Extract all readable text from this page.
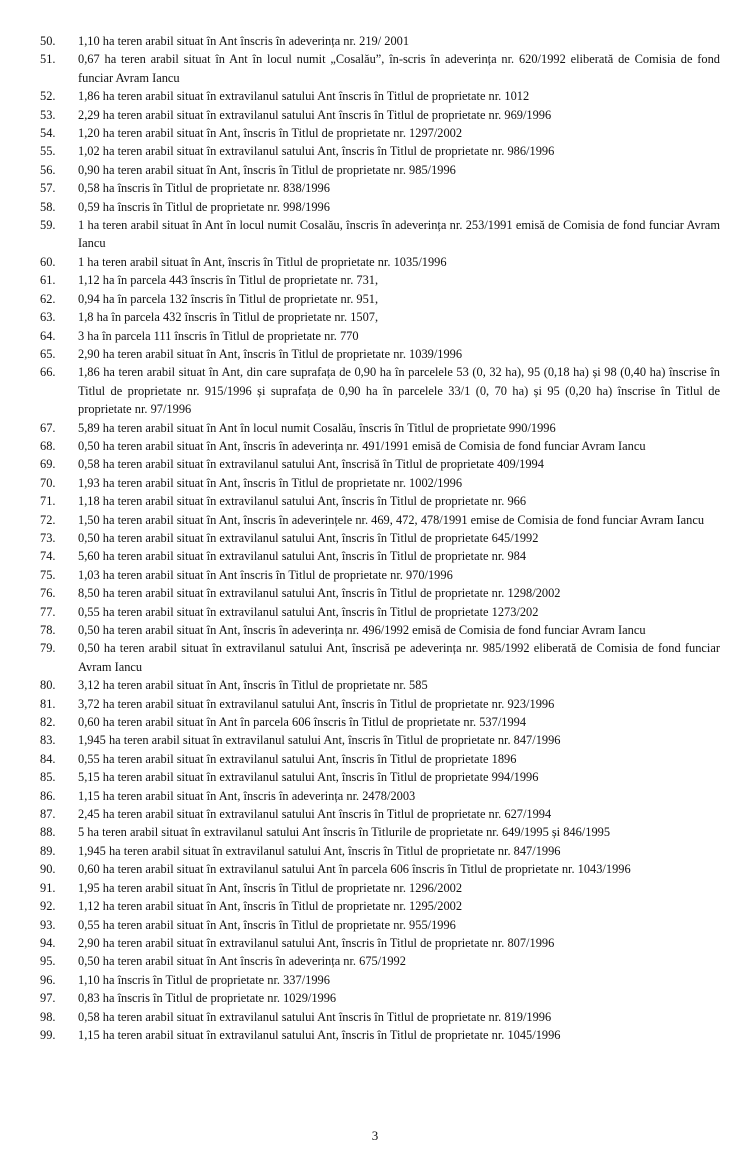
50.	1,10 ha teren arabil situat în Ant înscris în adeverința nr. 219/ 2001
51.	0,67 ha teren arabil situat în Ant în locul numit „Cosalău”, în-scris în adeverința nr. 620/1992 eliberată de Comisia de fond funciar Avram Iancu
52.	1,86 ha teren arabil situat în extravilanul satului Ant înscris în Titlul de proprietate nr. 1012
53.	2,29 ha teren arabil situat în extravilanul satului Ant înscris în Titlul de proprietate nr. 969/1996
54.	1,20 ha teren arabil situat în Ant, înscris în Titlul de proprietate nr. 1297/2002
55.	1,02 ha teren arabil situat în extravilanul satului Ant, înscris în Titlul de proprietate nr. 986/1996
56.	0,90 ha teren arabil situat în Ant, înscris în Titlul de proprietate nr. 985/1996
57.	0,58 ha înscris în Titlul de proprietate nr. 838/1996
58.	0,59 ha înscris în Titlul de proprietate nr. 998/1996
59.	1 ha teren arabil situat în Ant în locul numit Cosalău, înscris în adeverința nr. 253/1991 emisă de Comisia de fond funciar Avram Iancu
60.	1 ha teren arabil situat în Ant, înscris în Titlul de proprietate nr. 1035/1996
61.	1,12 ha în parcela 443 înscris în Titlul de proprietate nr. 731,
62.	0,94 ha în parcela 132 înscris în Titlul de proprietate nr. 951,
63.	1,8 ha în parcela 432 înscris în Titlul de proprietate nr. 1507,
64.	3 ha în parcela 111 înscris în Titlul de proprietate nr. 770
65.	2,90 ha teren arabil situat în Ant, înscris în Titlul de proprietate nr. 1039/1996
66.	1,86 ha teren arabil situat în Ant, din care suprafața de 0,90 ha în parcelele 53 (0, 32 ha), 95 (0,18 ha) și 98 (0,40 ha) înscrise în Titlul de proprietate nr. 915/1996 și suprafața de 0,90 ha în parcelele 33/1 (0, 70 ha) și 95 (0,20 ha) înscrise în Titlul de proprietate nr. 97/1996
67.	5,89 ha teren arabil situat în Ant în locul numit Cosalău, înscris în Titlul de proprietate 990/1996
68.	0,50 ha teren arabil situat în Ant, înscris în adeverința nr. 491/1991 emisă de Comisia de fond funciar Avram Iancu
69.	0,58 ha teren arabil situat în extravilanul satului Ant, înscrisă în Titlul de proprietate 409/1994
70.	1,93 ha teren arabil situat în Ant, înscris în Titlul de proprietate nr. 1002/1996
71.	1,18 ha teren arabil situat în extravilanul satului Ant, înscris în Titlul de proprietate nr. 966
72.	1,50 ha teren arabil situat în Ant, înscris în adeverințele nr. 469, 472, 478/1991 emise de Comisia de fond funciar Avram Iancu
73.	0,50 ha teren arabil situat în extravilanul satului Ant, înscris în Titlul de proprietate 645/1992
74.	5,60 ha teren arabil situat în extravilanul satului Ant, înscris în Titlul de proprietate nr. 984
75.	1,03 ha teren arabil situat în Ant înscris în Titlul de proprietate nr. 970/1996
76.	8,50 ha teren arabil situat în extravilanul satului Ant, înscris în Titlul de proprietate nr. 1298/2002
77.	0,55 ha teren arabil situat în extravilanul satului Ant, înscris în Titlul de proprietate 1273/202
78.	0,50 ha teren arabil situat în Ant, înscris în adeverința nr. 496/1992 emisă de Comisia de fond funciar Avram Iancu
79.	0,50 ha teren arabil situat în extravilanul satului Ant, înscrisă pe adeverința nr. 985/1992 eliberată de Comisia de fond funciar Avram Iancu
80.	3,12 ha teren arabil situat în Ant, înscris în Titlul de proprietate nr. 585
81.	3,72 ha teren arabil situat în extravilanul satului Ant, înscris în Titlul de proprietate nr. 923/1996
82.	0,60 ha teren arabil situat în Ant în parcela 606 înscris în Titlul de proprietate nr. 537/1994
83.	1,945 ha teren arabil situat în extravilanul satului Ant, înscris în Titlul de proprietate nr. 847/1996
84.	0,55 ha teren arabil situat în extravilanul satului Ant, înscris în Titlul de proprietate 1896
85.	5,15 ha teren arabil situat în extravilanul satului Ant, înscris în Titlul de proprietate 994/1996
86.	1,15 ha teren arabil situat în Ant, înscris în adeverința nr. 2478/2003
87.	2,45 ha teren arabil situat în extravilanul satului Ant înscris în Titlul de proprietate nr. 627/1994
88.	5 ha teren arabil situat în extravilanul satului Ant înscris în Titlurile de proprietate nr. 649/1995 și 846/1995
89.	1,945 ha teren arabil situat în extravilanul satului Ant, înscris în Titlul de proprietate nr. 847/1996
90.	0,60 ha teren arabil situat în extravilanul satului Ant în parcela 606 înscris în Titlul de proprietate nr. 1043/1996
91.	1,95 ha teren arabil situat în Ant, înscris în Titlul de proprietate nr. 1296/2002
92.	1,12 ha teren arabil situat în Ant, înscris în Titlul de proprietate nr. 1295/2002
93.	0,55 ha teren arabil situat în Ant, înscris în Titlul de proprietate nr. 955/1996
94.	2,90 ha teren arabil situat în extravilanul satului Ant, înscris în Titlul de proprietate nr. 807/1996
95.	0,50 ha teren arabil situat în Ant înscris în adeverința nr. 675/1992
96.	1,10 ha înscris în Titlul de proprietate nr. 337/1996
97.	0,83 ha înscris în Titlul de proprietate nr. 1029/1996
98.	0,58 ha teren arabil situat în extravilanul satului Ant înscris în Titlul de proprietate nr. 819/1996
99.	1,15 ha teren arabil situat în extravilanul satului Ant, înscris în Titlul de proprietate nr. 1045/1996
3
